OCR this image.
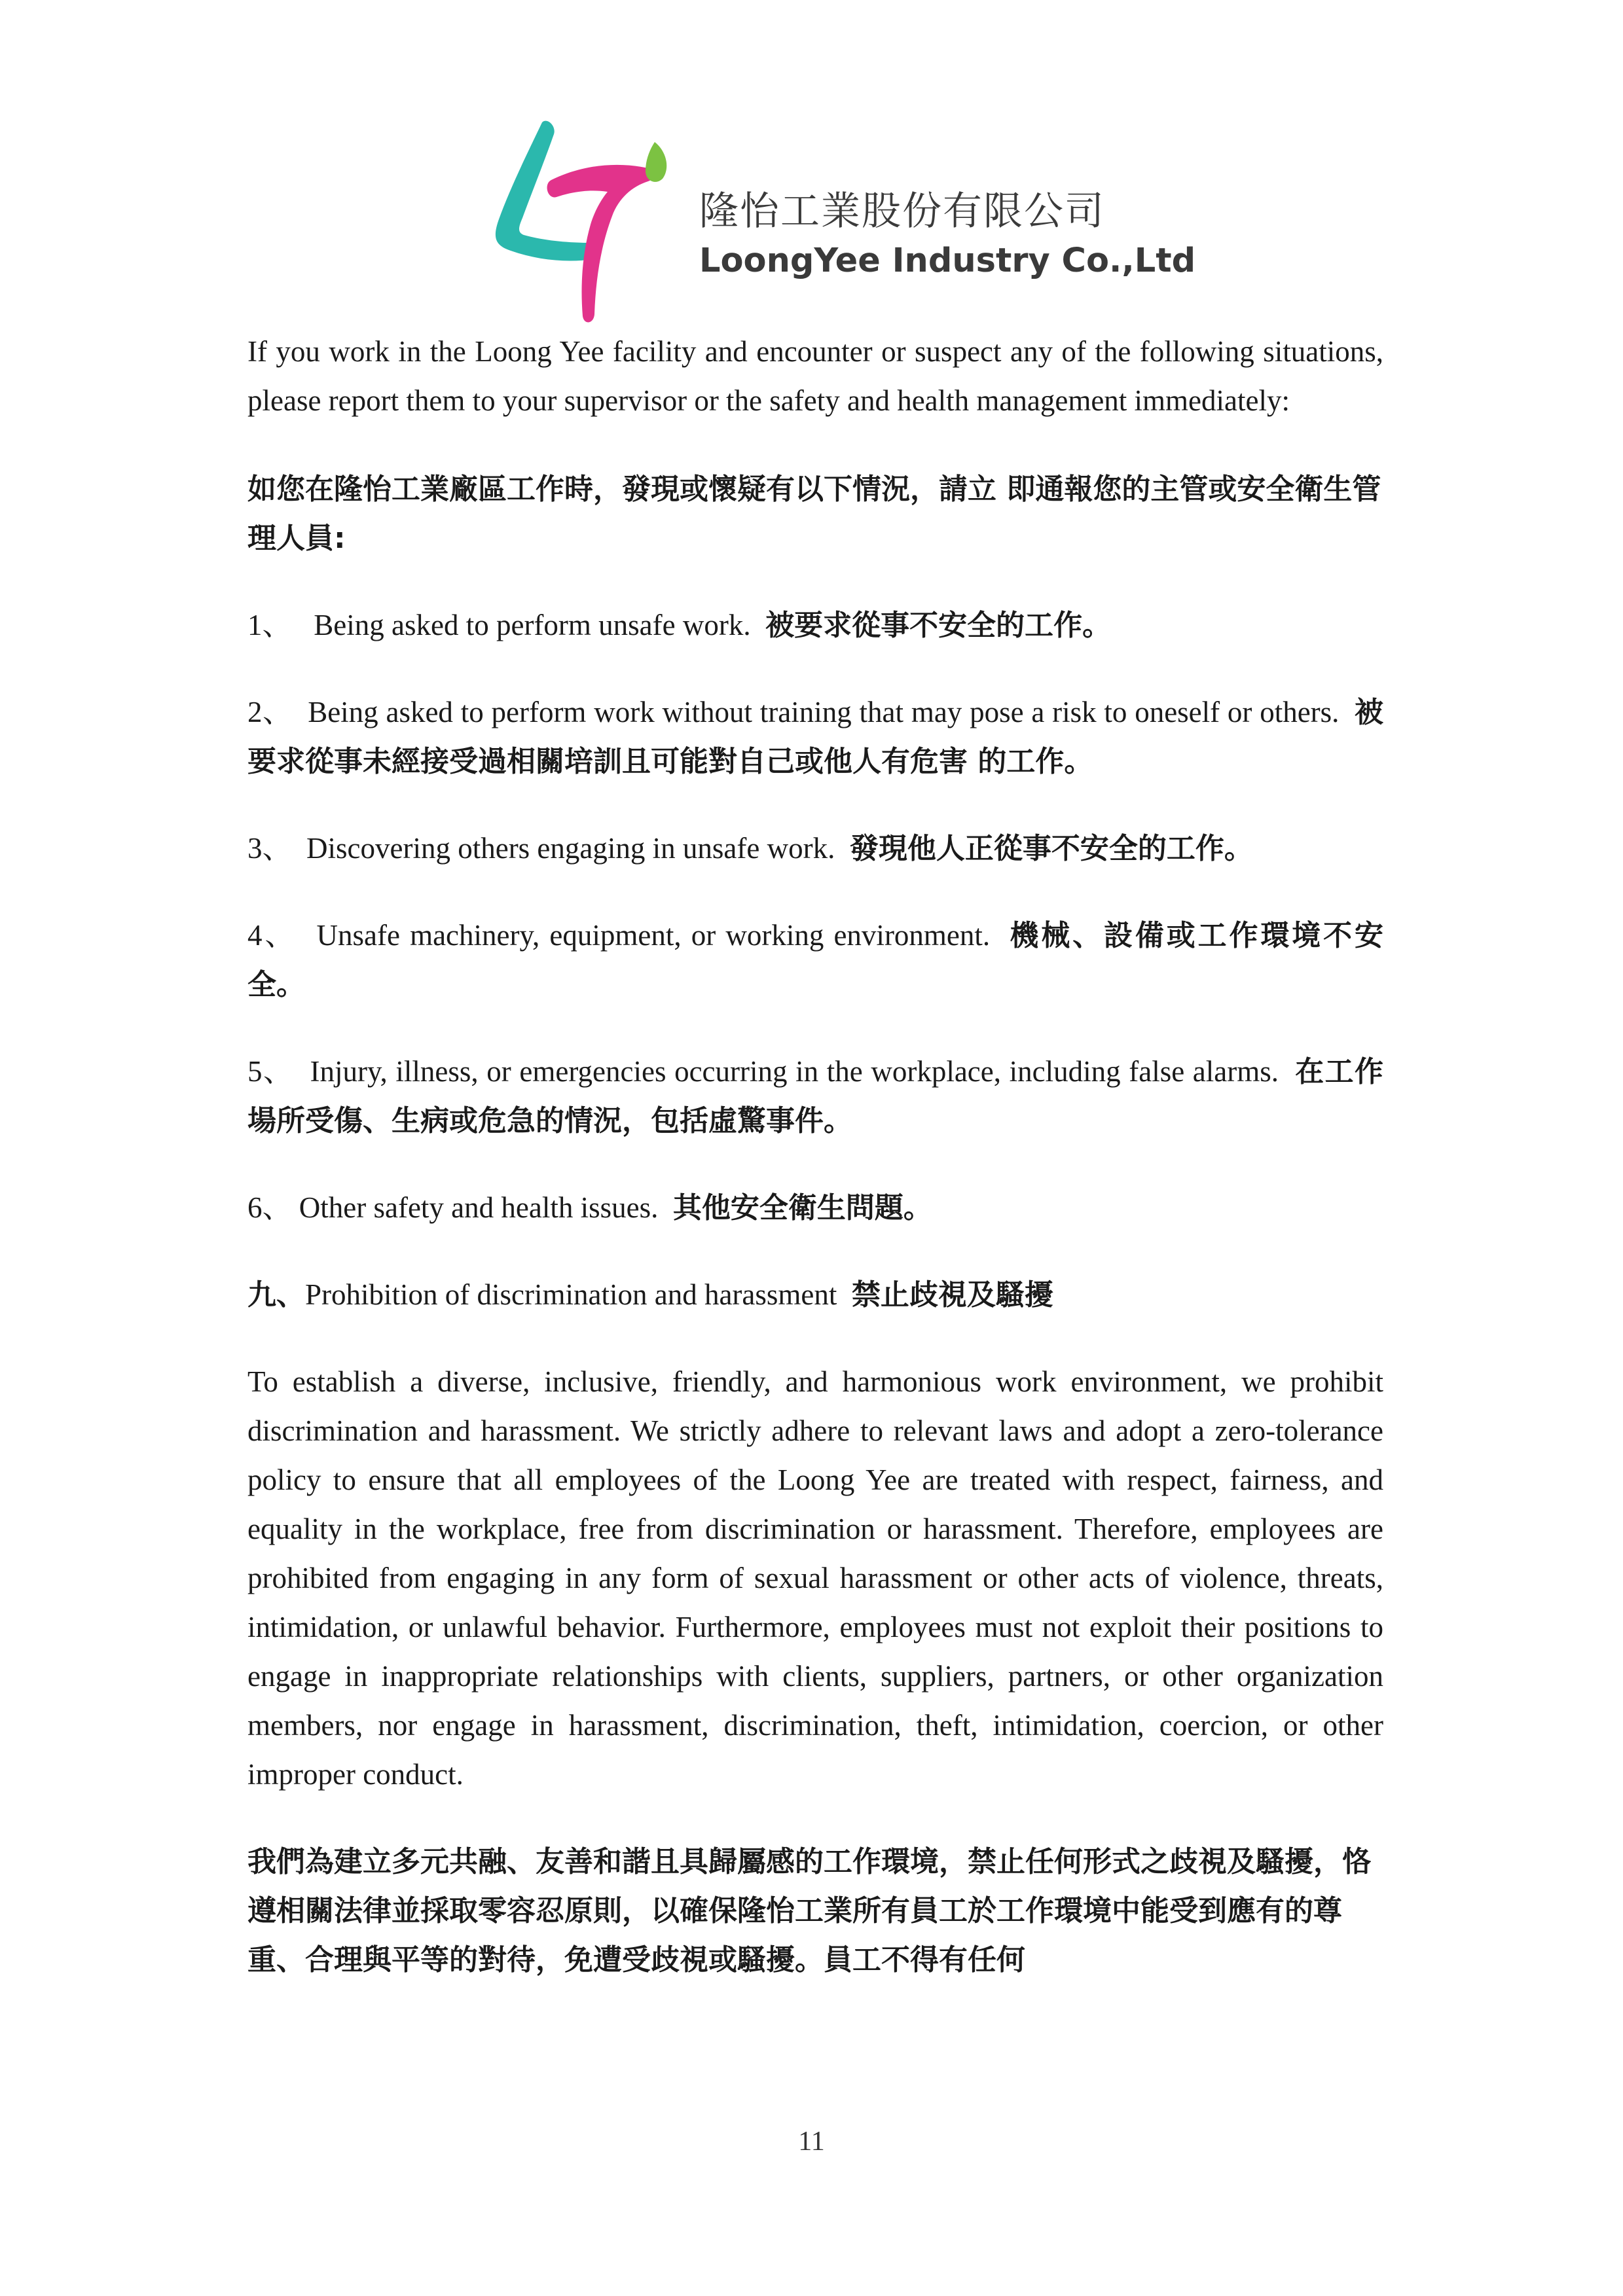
隆怡工業股份有限公司
LoongYee Industry Co.,Ltd

If you work in the Loong Yee facility and encounter or suspect any of the following situations, please report them to your supervisor or the safety and health management immediately:

如您在隆怡工業廠區工作時，發現或懷疑有以下情況，請立 即通報您的主管或安全衛生管理人員:

1、 Being asked to perform unsafe work. 被要求從事不安全的工作。

2、 Being asked to perform work without training that may pose a risk to oneself or others. 被要求從事未經接受過相關培訓且可能對自己或他人有危害 的工作。

3、 Discovering others engaging in unsafe work. 發現他人正從事不安全的工作。

4、 Unsafe machinery, equipment, or working environment. 機械、設備或工作環境不安全。

5、 Injury, illness, or emergencies occurring in the workplace, including false alarms. 在工作場所受傷、生病或危急的情況，包括虛驚事件。

6、 Other safety and health issues. 其他安全衛生問題。

九、Prohibition of discrimination and harassment 禁止歧視及騷擾

To establish a diverse, inclusive, friendly, and harmonious work environment, we prohibit discrimination and harassment. We strictly adhere to relevant laws and adopt a zero-tolerance policy to ensure that all employees of the Loong Yee are treated with respect, fairness, and equality in the workplace, free from discrimination or harassment. Therefore, employees are prohibited from engaging in any form of sexual harassment or other acts of violence, threats, intimidation, or unlawful behavior. Furthermore, employees must not exploit their positions to engage in inappropriate relationships with clients, suppliers, partners, or other organization members, nor engage in harassment, discrimination, theft, intimidation, coercion, or other improper conduct.

我們為建立多元共融、友善和諧且具歸屬感的工作環境，禁止任何形式之歧視及騷擾，恪遵相關法律並採取零容忍原則，以確保隆怡工業所有員工於工作環境中能受到應有的尊重、合理與平等的對待，免遭受歧視或騷擾。員工不得有任何

11
